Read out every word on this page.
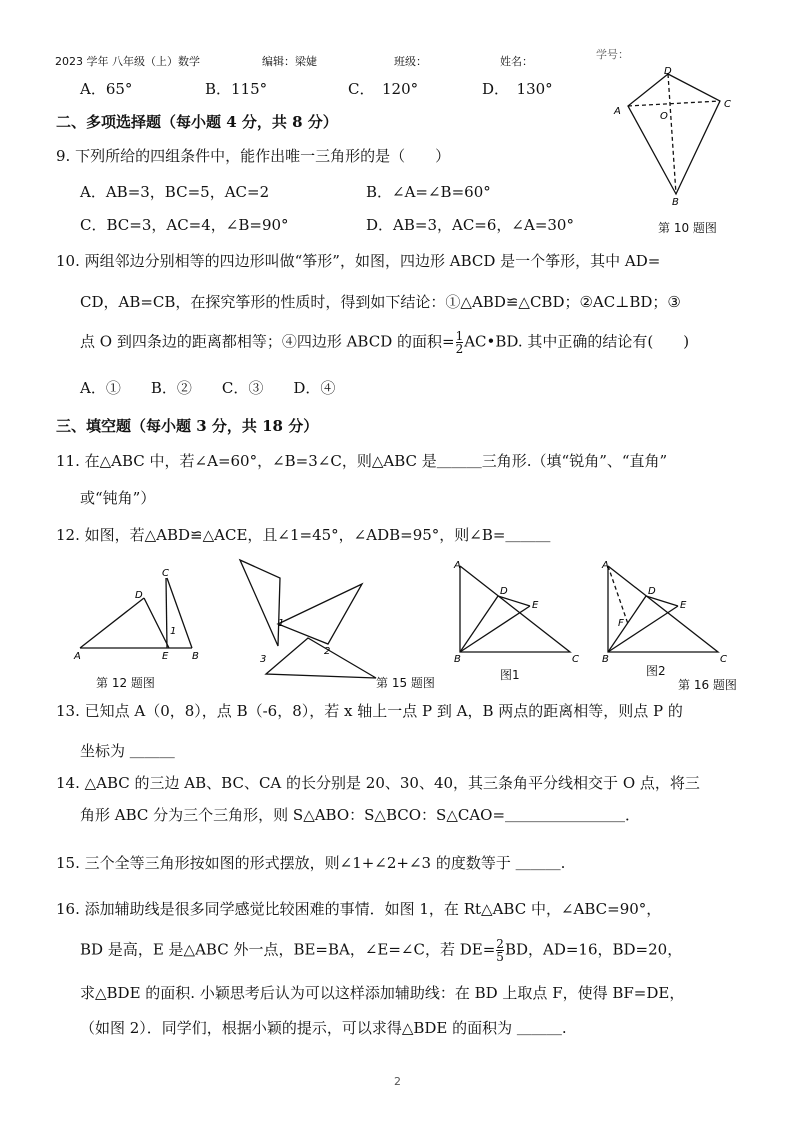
2023 学年 八年级（上）数学	编辑：梁婕	班级：	姓名：
学号：
A．65°	B．115°	C．　120°	D．　130°
二、多项选择题（每小题 4 分，共 8 分）
9. 下列所给的四组条件中，能作出唯一三角形的是（　　）
A．AB=3，BC=5，AC=2	B．∠A=∠B=60°
C．BC=3，AC=4，∠B=90°	D．AB=3，AC=6，∠A=30°
D
A	O
C
B
第 10 题图
10. 两组邻边分别相等的四边形叫做“筝形”，如图，四边形 ABCD 是一个筝形，其中 AD=
CD，AB=CB，在探究筝形的性质时，得到如下结论：①△ABD≌△CBD；②AC⊥BD；③
点 O 到四条边的距离都相等；④四边形 ABCD 的面积= $\frac{1}{2}$ AC•BD. 其中正确的结论有(　　)
A．①　　B．②　　C．③　　D．④
三、填空题（每小题 3 分，共 18 分）
11. 在△ABC 中，若∠A=60°，∠B=3∠C，则△ABC 是＿＿＿三角形.（填“锐角”、“直角”
或“钝角”）
12. 如图，若△ABD≌△ACE，且∠1=45°，∠ADB=95°，则∠B=＿＿＿
C
D
1
A	E B
第 12 题图
1
3
2
第 15 题图
A
D
E
B	C
图1
A
D
E
F
B	C
图2
第 16 题图
13. 已知点 A（0，8），点 B（-6，8），若 x 轴上一点 P 到 A，B 两点的距离相等，则点 P 的
坐标为 ＿＿＿
14. △ABC 的三边 AB、BC、CA 的长分别是 20、30、40，其三条角平分线相交于 O 点，将三
角形 ABC 分为三个三角形，则 S△ABO：S△BCO：S△CAO=＿＿＿＿＿＿＿＿．
15. 三个全等三角形按如图的形式摆放，则∠1+∠2+∠3 的度数等于 ＿＿＿.
16. 添加辅助线是很多同学感觉比较困难的事情．如图 1，在 Rt△ABC 中，∠ABC=90°，
BD 是高，E 是△ABC 外一点，BE=BA，∠E=∠C，若 $DE= \frac{2}{5}$ BD，AD=16，BD=20，
求△BDE 的面积. 小颖思考后认为可以这样添加辅助线：在 BD 上取点 F，使得 BF=DE，
（如图 2）．同学们，根据小颖的提示，可以求得△BDE 的面积为 ＿＿＿.
2
